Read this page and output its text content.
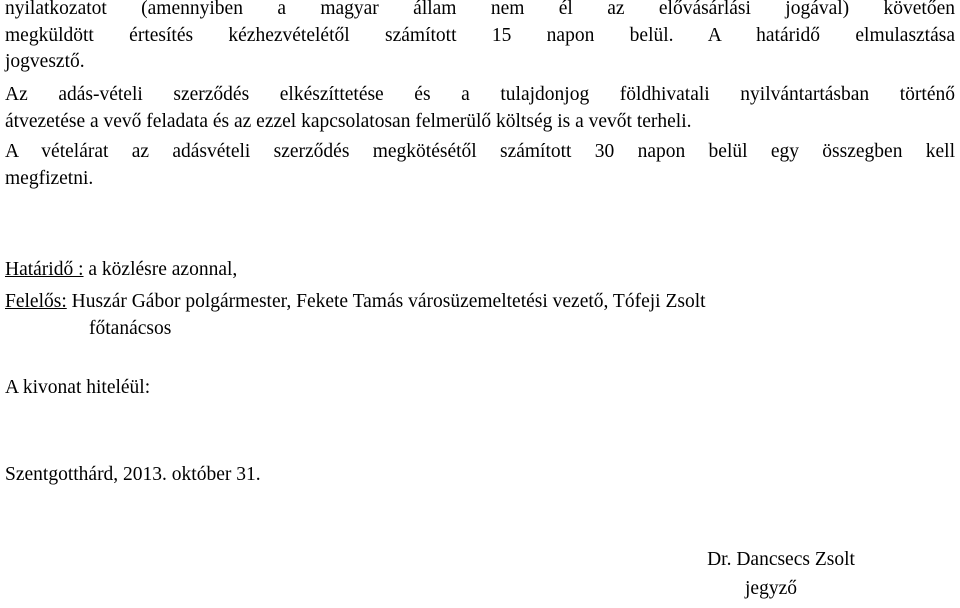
nyilatkozatot (amennyiben a magyar állam nem él az elővásárlási jogával) követően
megküldött értesítés kézhezvételétől számított 15 napon belül. A határidő elmulasztása
jogvesztő.
Az adás-vételi szerződés elkészíttetése és a tulajdonjog földhivatali nyilvántartásban történő
átvezetése a vevő feladata és az ezzel kapcsolatosan felmerülő költség is a vevőt terheli.
A vételárat az adásvételi szerződés megkötésétől számított 30 napon belül egy összegben kell
megfizetni.
Határidő : a közlésre azonnal,
Felelős: Huszár Gábor polgármester, Fekete Tamás városüzemeltetési vezető, Tófeji Zsolt
főtanácsos
A kivonat hiteléül:
Szentgotthárd, 2013. október 31.
Dr. Dancsecs Zsolt
jegyző
